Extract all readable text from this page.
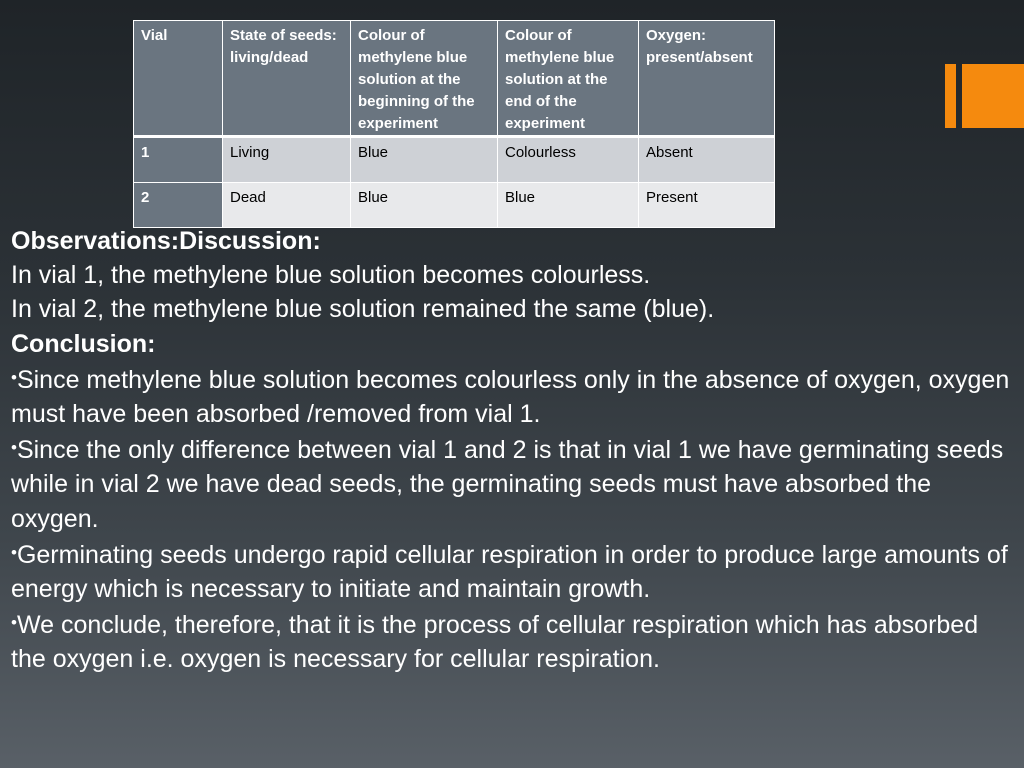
Vial	State of seeds: living/dead	Colour of methylene blue solution at the beginning of the experiment	Colour of methylene blue solution at the end of the experiment	Oxygen: present/absent
1	Living	Blue	Colourless	Absent
2	Dead	Blue	Blue	Present

Observations:Discussion:

In vial 1, the methylene blue solution becomes colourless.

In vial 2, the methylene blue solution remained the same (blue).

Conclusion:

•Since methylene blue solution becomes colourless only in the absence of oxygen, oxygen must have been absorbed /removed from vial 1.

•Since the only difference between vial 1 and 2 is that in vial 1 we have germinating seeds while in vial 2 we have dead seeds, the germinating seeds must have absorbed the oxygen.

•Germinating seeds undergo rapid cellular respiration in order to produce large amounts of energy which is necessary to initiate and maintain growth.

•We conclude, therefore, that it is the process of cellular respiration which has absorbed the oxygen i.e. oxygen is necessary for cellular respiration.
